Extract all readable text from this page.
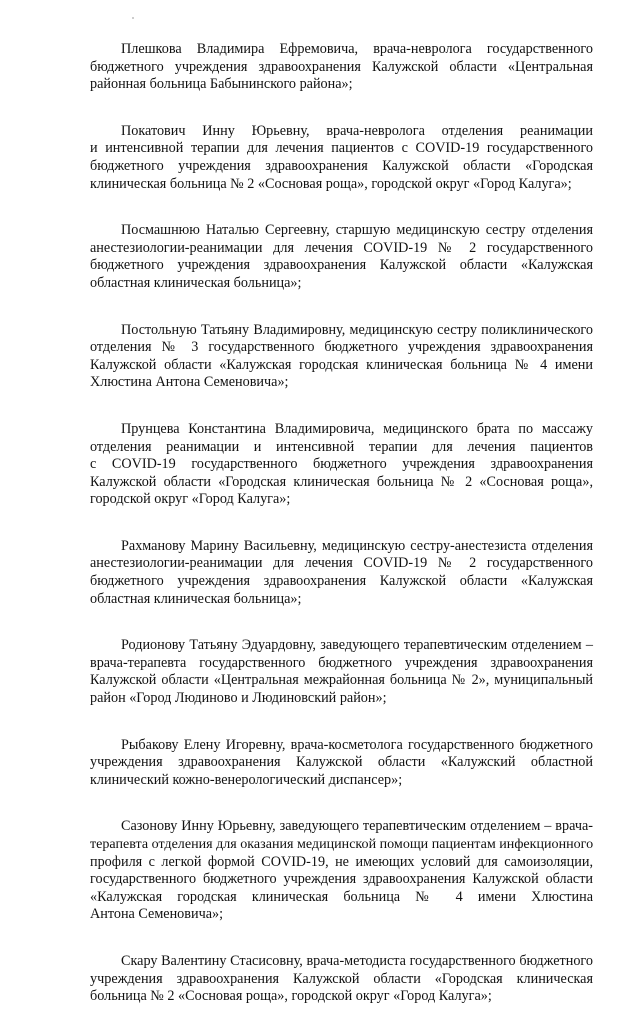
Плешкова Владимира Ефремовича, врача-невролога государственного
бюджетного учреждения здравоохранения Калужской области «Центральная
районная больница Бабынинского района»;
Покатович Инну Юрьевну, врача-невролога отделения реанимации
и интенсивной терапии для лечения пациентов с COVID-19 государственного
бюджетного учреждения здравоохранения Калужской области «Городская
клиническая больница № 2 «Сосновая роща», городской округ «Город Калуга»;
Посмашнюю Наталью Сергеевну, старшую медицинскую сестру отделения
анестезиологии-реанимации для лечения COVID-19 № 2 государственного
бюджетного учреждения здравоохранения Калужской области «Калужская
областная клиническая больница»;
Постольную Татьяну Владимировну, медицинскую сестру поликлинического
отделения № 3 государственного бюджетного учреждения здравоохранения
Калужской области «Калужская городская клиническая больница № 4 имени
Хлюстина Антона Семеновича»;
Прунцева Константина Владимировича, медицинского брата по массажу
отделения реанимации и интенсивной терапии для лечения пациентов
с COVID-19 государственного бюджетного учреждения здравоохранения
Калужской области «Городская клиническая больница № 2 «Сосновая роща»,
городской округ «Город Калуга»;
Рахманову Марину Васильевну, медицинскую сестру-анестезиста отделения
анестезиологии-реанимации для лечения COVID-19 № 2 государственного
бюджетного учреждения здравоохранения Калужской области «Калужская
областная клиническая больница»;
Родионову Татьяну Эдуардовну, заведующего терапевтическим отделением –
врача-терапевта государственного бюджетного учреждения здравоохранения
Калужской области «Центральная межрайонная больница № 2», муниципальный
район «Город Людиново и Людиновский район»;
Рыбакову Елену Игоревну, врача-косметолога государственного бюджетного
учреждения здравоохранения Калужской области «Калужский областной
клинический кожно-венерологический диспансер»;
Сазонову Инну Юрьевну, заведующего терапевтическим отделением – врача-
терапевта отделения для оказания медицинской помощи пациентам инфекционного
профиля с легкой формой COVID-19, не имеющих условий для самоизоляции,
государственного бюджетного учреждения здравоохранения Калужской области
«Калужская городская клиническая больница № 4 имени Хлюстина
Антона Семеновича»;
Скару Валентину Стасисовну, врача-методиста государственного бюджетного
учреждения здравоохранения Калужской области «Городская клиническая
больница № 2 «Сосновая роща», городской округ «Город Калуга»;
